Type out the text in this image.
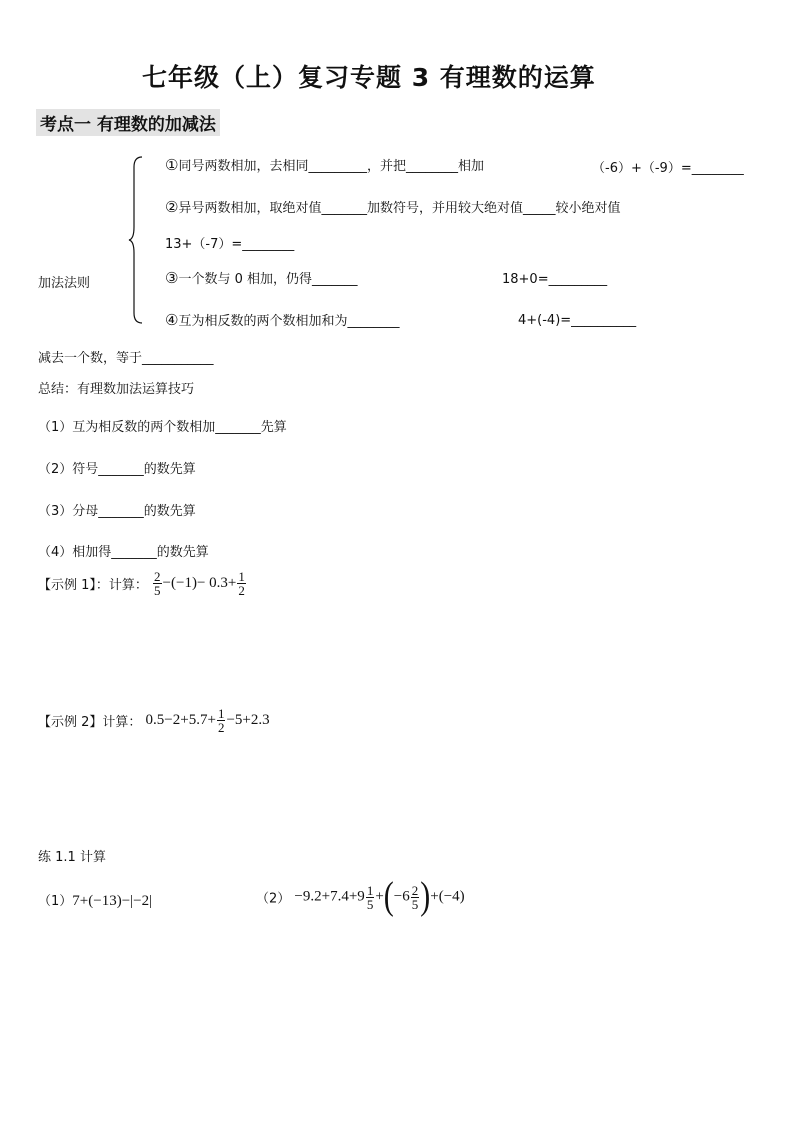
七年级（上）复习专题 3 有理数的运算
考点一 有理数的加减法
加法法则
①同号两数相加，去相同_________，并把________相加	（-6）+（-9）=________
②异号两数相加，取绝对值_______加数符号，并用较大绝对值_____较小绝对值
13+（-7）=________
③一个数与 0 相加，仍得_______	18+0=_________
④互为相反数的两个数相加和为________	4+(-4)=__________
减去一个数，等于___________
总结：有理数加法运算技巧
（1）互为相反数的两个数相加_______先算
（2）符号_______的数先算
（3）分母_______的数先算
（4）相加得_______的数先算
【示例 1】：计算： $\frac{2}{5} -(-1)- 0.3+ \frac{1}{2}$
【示例 2】计算： $0.5-2+5.7+ \frac{1}{2} -5+2.3$
练 1.1 计算
（1）7+(−13)−|−2|	$(2) -9.2+7.4+9 \frac{1}{5} +(-6 \frac{2}{5} )+(-4)$
